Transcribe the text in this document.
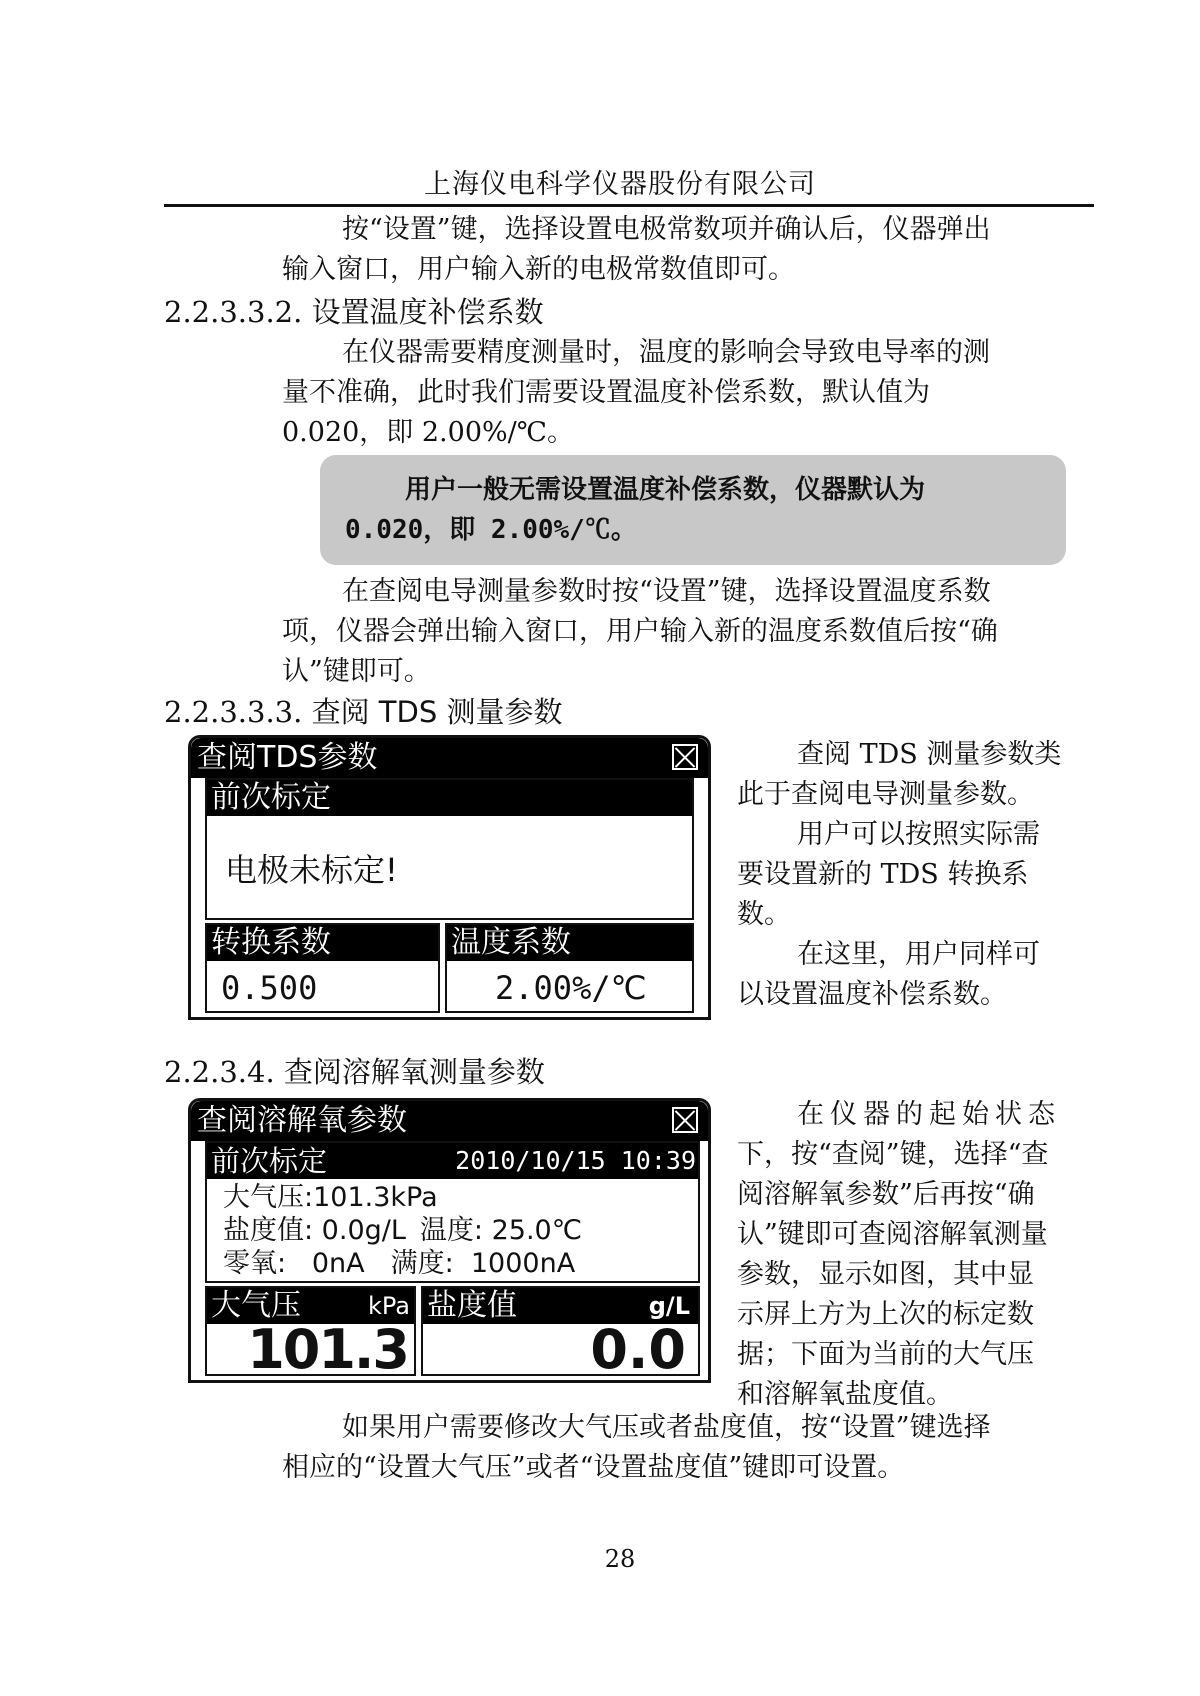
上海仪电科学仪器股份有限公司

按“设置”键，选择设置电极常数项并确认后，仪器弹出

输入窗口，用户输入新的电极常数值即可。

2.2.3.3.2. 设置温度补偿系数

在仪器需要精度测量时，温度的影响会导致电导率的测

量不准确，此时我们需要设置温度补偿系数，默认值为

0.020，即 2.00%/℃。

用户一般无需设置温度补偿系数，仪器默认为
0.020，即 2.00%/℃。

在查阅电导测量参数时按“设置”键，选择设置温度系数

项，仪器会弹出输入窗口，用户输入新的温度系数值后按“确

认”键即可。

2.2.3.3.3. 查阅 TDS 测量参数
查阅TDS参数
前次标定
电极未标定!
转换系数
0.500
温度系数
2.00%/℃

查阅 TDS 测量参数类

此于查阅电导测量参数。

用户可以按照实际需

要设置新的 TDS 转换系

数。

在这里，用户同样可

以设置温度补偿系数。

2.2.3.4. 查阅溶解氧测量参数
查阅溶解氧参数
前次标定	2010/10/15 10:39
大气压:101.3kPa
盐度值: 0.0g/L 温度: 25.0℃
零氧:   0nA 满度:  1000nA
大气压	kPa
101.3
盐度值	g/L
0.0

在仪器的起始状态

下，按“查阅”键，选择“查

阅溶解氧参数”后再按“确

认”键即可查阅溶解氧测量

参数，显示如图，其中显

示屏上方为上次的标定数

据；下面为当前的大气压

和溶解氧盐度值。

如果用户需要修改大气压或者盐度值，按“设置”键选择

相应的“设置大气压”或者“设置盐度值”键即可设置。

28
